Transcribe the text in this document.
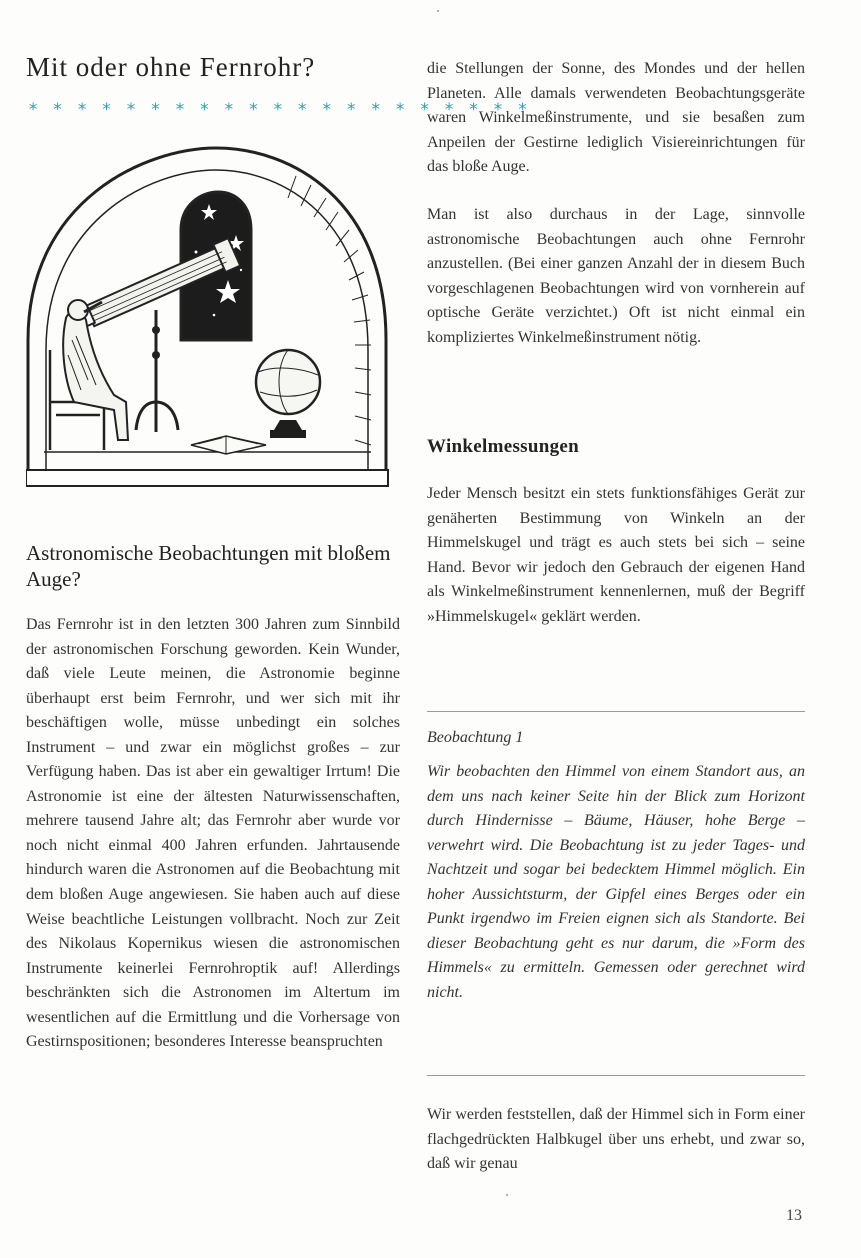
Mit oder ohne Fernrohr?
* * * * * * * * * * * * * * * * * * * * *
Astronomische Beobachtungen mit bloßem Auge?

Das Fernrohr ist in den letzten 300 Jahren zum Sinnbild der astronomischen Forschung geworden. Kein Wunder, daß viele Leute meinen, die Astronomie beginne überhaupt erst beim Fernrohr, und wer sich mit ihr beschäftigen wolle, müsse unbedingt ein solches Instrument – und zwar ein möglichst großes – zur Verfügung haben. Das ist aber ein gewaltiger Irrtum! Die Astronomie ist eine der ältesten Naturwissenschaften, mehrere tausend Jahre alt; das Fernrohr aber wurde vor noch nicht einmal 400 Jahren erfunden. Jahrtausende hindurch waren die Astronomen auf die Beobachtung mit dem bloßen Auge angewiesen. Sie haben auch auf diese Weise beachtliche Leistungen vollbracht. Noch zur Zeit des Nikolaus Kopernikus wiesen die astronomischen Instrumente keinerlei Fernrohroptik auf! Allerdings beschränkten sich die Astronomen im Altertum im wesentlichen auf die Ermittlung und die Vorhersage von Gestirnspositionen; besonderes Interesse beanspruchten

die Stellungen der Sonne, des Mondes und der hellen Planeten. Alle damals verwendeten Beobachtungsgeräte waren Winkelmeßinstrumente, und sie besaßen zum Anpeilen der Gestirne lediglich Visiereinrichtungen für das bloße Auge.

Man ist also durchaus in der Lage, sinnvolle astronomische Beobachtungen auch ohne Fernrohr anzustellen. (Bei einer ganzen Anzahl der in diesem Buch vorgeschlagenen Beobachtungen wird von vornherein auf optische Geräte verzichtet.) Oft ist nicht einmal ein kompliziertes Winkelmeßinstrument nötig.

Winkelmessungen

Jeder Mensch besitzt ein stets funktionsfähiges Gerät zur genäherten Bestimmung von Winkeln an der Himmelskugel und trägt es auch stets bei sich – seine Hand. Bevor wir jedoch den Gebrauch der eigenen Hand als Winkelmeßinstrument kennenlernen, muß der Begriff »Himmelskugel« geklärt werden.

Beobachtung 1

Wir beobachten den Himmel von einem Standort aus, an dem uns nach keiner Seite hin der Blick zum Horizont durch Hindernisse – Bäume, Häuser, hohe Berge – verwehrt wird. Die Beobachtung ist zu jeder Tages- und Nachtzeit und sogar bei bedecktem Himmel möglich. Ein hoher Aussichtsturm, der Gipfel eines Berges oder ein Punkt irgendwo im Freien eignen sich als Standorte. Bei dieser Beobachtung geht es nur darum, die »Form des Himmels« zu ermitteln. Gemessen oder gerechnet wird nicht.

Wir werden feststellen, daß der Himmel sich in Form einer flachgedrückten Halbkugel über uns erhebt, und zwar so, daß wir genau

13
